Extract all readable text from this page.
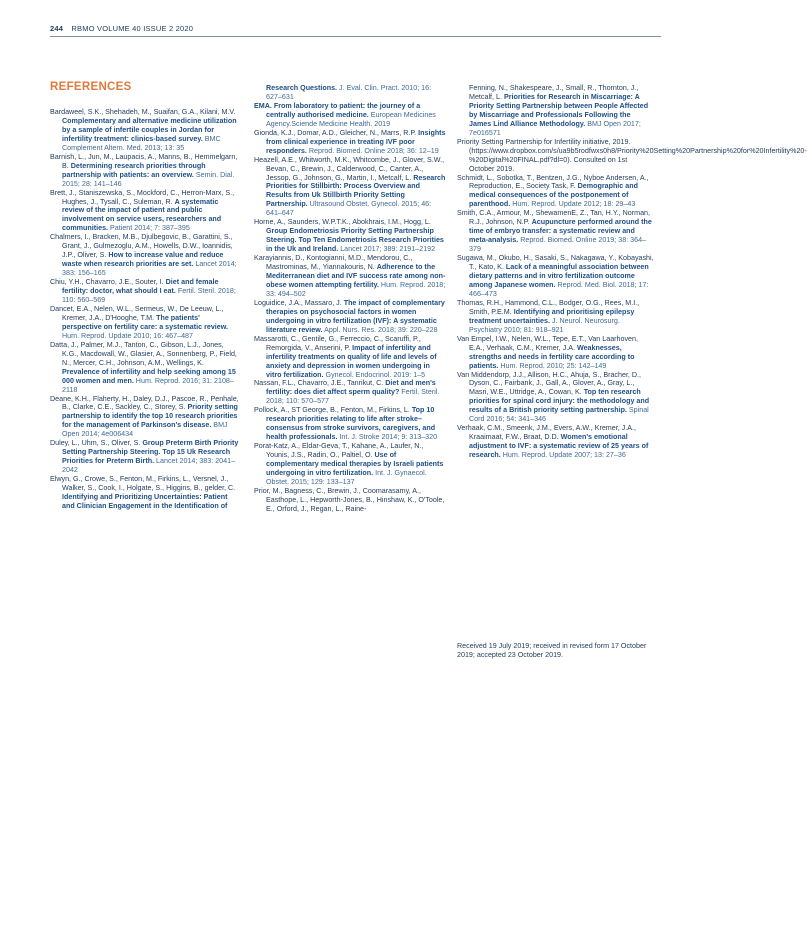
244 RBMO VOLUME 40 ISSUE 2 2020
REFERENCES

Bardaweel, S.K., Shehadeh, M., Suaifan, G.A., Kilani, M.V. Complementary and alternative medicine utilization by a sample of infertile couples in Jordan for infertility treatment: clinics-based survey. BMC Complement Altern. Med. 2013; 13: 35

Barnish, L., Jun, M., Laupacis, A., Manns, B., Hemmelgarn, B. Determining research priorities through partnership with patients: an overview. Semin. Dial. 2015; 28: 141–146

Brett, J., Staniszewska, S., Mockford, C., Herron-Marx, S., Hughes, J., Tysall, C., Suleman, R. A systematic review of the impact of patient and public involvement on service users, researchers and communities. Patient 2014; 7: 387–395

Chalmers, I., Bracken, M.B., Djulbegovic, B., Garattini, S., Grant, J., Gulmezoglu, A.M., Howells, D.W., Ioannidis, J.P., Oliver, S. How to increase value and reduce waste when research priorities are set. Lancet 2014; 383: 156–165

Chiu, Y.H., Chavarro, J.E., Souter, I. Diet and female fertility: doctor, what should I eat. Fertil. Steril. 2018; 110: 560–569

Dancet, E.A., Nelen, W.L., Sermeus, W., De Leeuw, L., Kremer, J.A., D'Hooghe, T.M. The patients' perspective on fertility care: a systematic review. Hum. Reprod. Update 2010; 16: 467–487

Datta, J., Palmer, M.J., Tanton, C., Gibson, L.J., Jones, K.G., Macdowall, W., Glasier, A., Sonnenberg, P., Field, N., Mercer, C.H., Johnson, A.M., Wellings, K. Prevalence of infertility and help seeking among 15 000 women and men. Hum. Reprod. 2016; 31: 2108–2118

Deane, K.H., Flaherty, H., Daley, D.J., Pascoe, R., Penhale, B., Clarke, C.E., Sackley, C., Storey, S. Priority setting partnership to identify the top 10 research priorities for the management of Parkinson's disease. BMJ Open 2014; 4e006434

Duley, L., Uhm, S., Oliver, S. Group Preterm Birth Priority Setting Partnership Steering. Top 15 Uk Research Priorities for Preterm Birth. Lancet 2014; 383: 2041–2042

Elwyn, G., Crowe, S., Fenton, M., Firkins, L., Versnel, J., Walker, S., Cook, I., Holgate, S., Higgins, B., gelder, C. Identifying and Prioritizing Uncertainties: Patient and Clinician Engagement in the Identification of

Research Questions. J. Eval. Clin. Pract. 2010; 16: 627–631

EMA. From laboratory to patient: the journey of a centrally authorised medicine. European Medicines Agency.Sciende Medicine Health. 2019

Gionda, K.J., Domar, A.D., Gleicher, N., Marrs, R.P. Insights from clinical experience in treating IVF poor responders. Reprod. Biomed. Online 2018; 36: 12–19

Heazell, A.E., Whitworth, M.K., Whitcombe, J., Glover, S.W., Bevan, C., Brewin, J., Calderwood, C., Canter, A., Jessop, G., Johnson, G., Martin, I., Metcalf, L. Research Priorities for Stillbirth: Process Overview and Results from Uk Stillbirth Priority Setting Partnership. Ultrasound Obstet. Gynecol. 2015; 46: 641–647

Horne, A., Saunders, W.P.T.K., Abokhrais, I.M., Hogg, L. Group Endometriosis Priority Setting Partnership Steering. Top Ten Endometriosis Research Priorities in the Uk and Ireland. Lancet 2017; 389: 2191–2192

Karayiannis, D., Kontogianni, M.D., Mendorou, C., Mastrominas, M., Yiannakouris, N. Adherence to the Mediterranean diet and IVF success rate among non-obese women attempting fertility. Hum. Reprod. 2018; 33: 494–502

Loguidice, J.A., Massaro, J. The impact of complementary therapies on psychosocial factors in women undergoing in vitro fertilization (IVF): A systematic literature review. Appl. Nurs. Res. 2018; 39: 220–228

Massarotti, C., Gentile, G., Ferreccio, C., Scaruffi, P., Remorgida, V., Anserini, P. Impact of infertility and infertility treatments on quality of life and levels of anxiety and depression in women undergoing in vitro fertilization. Gynecol. Endocrinol. 2019: 1–5

Nassan, F.L., Chavarro, J.E., Tanrikut, C. Diet and men's fertility: does diet affect sperm quality? Fertil. Steril. 2018; 110: 570–577

Pollock, A., ST George, B., Fenton, M., Firkins, L. Top 10 research priorities relating to life after stroke–consensus from stroke survivors, caregivers, and health professionals. Int. J. Stroke 2014; 9: 313–320

Porat-Katz, A., Eldar-Geva, T., Kahane, A., Laufer, N., Younis, J.S., Radin, O., Paltiel, O. Use of complementary medical therapies by Israeli patients undergoing in vitro fertilization. Int. J. Gynaecol. Obstet. 2015; 129: 133–137

Prior, M., Bagness, C., Brewin, J., Coomarasamy, A., Easthope, L., Hepworth-Jones, B., Hinshaw, K., O'Toole, E., Orford, J., Regan, L., Raine-

Fenning, N., Shakespeare, J., Small, R., Thornton, J., Metcalf, L. Priorities for Research in Miscarriage: A Priority Setting Partnership between People Affected by Miscarriage and Professionals Following the James Lind Alliance Methodology. BMJ Open 2017; 7e016571

Priority Setting Partnership for Infertility initiative, 2019. (https://www.dropbox.com/s/ua9b5rodfwxs0h8/Priority%20Setting%20Partnership%20for%20Infertility%20-%20Digital%20FINAL.pdf?dl=0). Consulted on 1st October 2019.

Schmidt, L., Sobotka, T., Bentzen, J.G., Nyboe Andersen, A., Reproduction, E., Society Task, F. Demographic and medical consequences of the postponement of parenthood. Hum. Reprod. Update 2012; 18: 29–43

Smith, C.A., Armour, M., ShewamenE, Z., Tan, H.Y., Norman, R.J., Johnson, N.P. Acupuncture performed around the time of embryo transfer: a systematic review and meta-analysis. Reprod. Biomed. Online 2019; 38: 364–379

Sugawa, M., Okubo, H., Sasaki, S., Nakagawa, Y., Kobayashi, T., Kato, K. Lack of a meaningful association between dietary patterns and in vitro fertilization outcome among Japanese women. Reprod. Med. Biol. 2018; 17: 466–473

Thomas, R.H., Hammond, C.L., Bodger, O.G., Rees, M.I., Smith, P.E.M. Identifying and prioritising epilepsy treatment uncertainties. J. Neurol. Neurosurg. Psychiatry 2010; 81: 918–921

Van Empel, I.W., Nelen, W.L., Tepe, E.T., Van Laarhoven, E.A., Verhaak, C.M., Kremer, J.A. Weaknesses, strengths and needs in fertility care according to patients. Hum. Reprod. 2010; 25: 142–149

Van Middendorp, J.J., Allison, H.C., Ahuja, S., Bracher, D., Dyson, C., Fairbank, J., Gall, A., Glover, A., Gray, L., Masri, W.E., Uttridge, A., Cowan, K. Top ten research priorities for spinal cord injury: the methodology and results of a British priority setting partnership. Spinal Cord 2016; 54: 341–346

Verhaak, C.M., Smeenk, J.M., Evers, A.W., Kremer, J.A., Kraaimaat, F.W., Braat, D.D. Women's emotional adjustment to IVF: a systematic review of 25 years of research. Hum. Reprod. Update 2007; 13: 27–36

Received 19 July 2019; received in revised form 17 October 2019; accepted 23 October 2019.
